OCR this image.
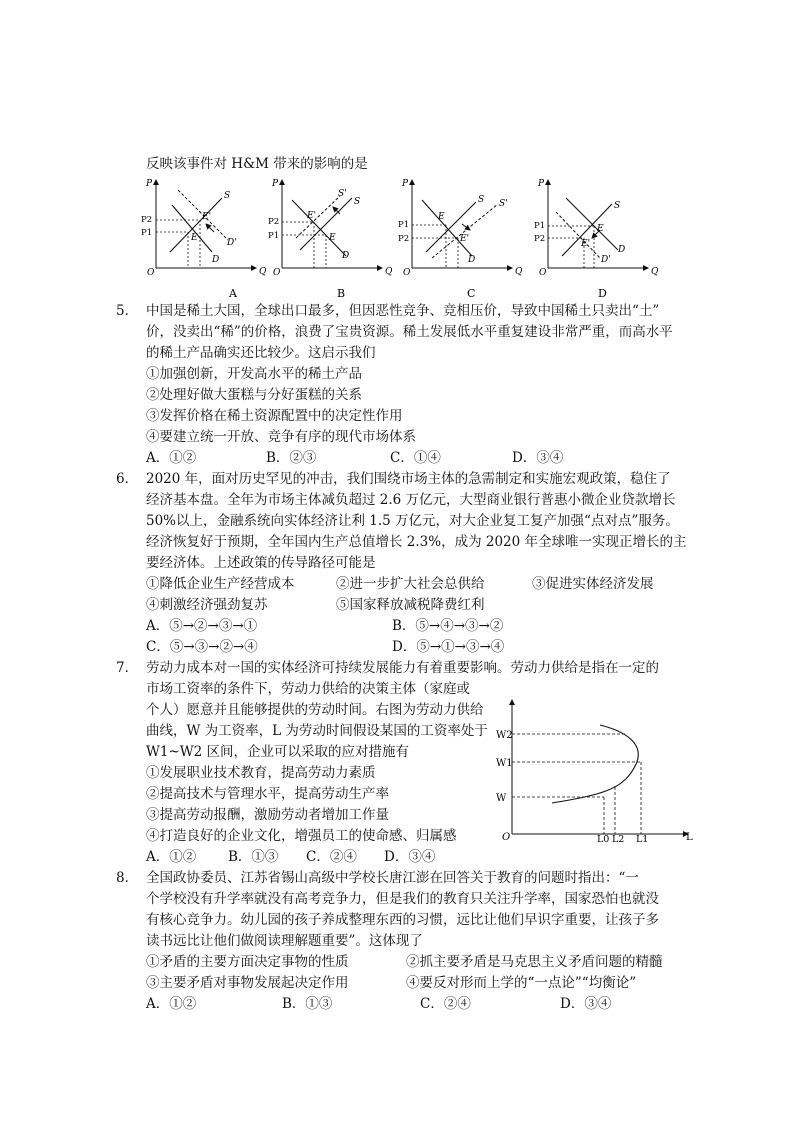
反映该事件对 H&M 带来的影响的是
P
Q
O
P2
P1
S
E'
E	D'
D
A
P
Q
O
P2
P1
S'
S
E'
E
D
B
P
Q
O
P1
P2
S S'
E
E'
D
C
P
Q
O
P1
P2
S
E
E'
D
D'
D
5． 中国是稀土大国，全球出口最多，但因恶性竞争、竞相压价，导致中国稀土只卖出“土”
价，没卖出“稀”的价格，浪费了宝贵资源。稀土发展低水平重复建设非常严重，而高水平
的稀土产品确实还比较少。这启示我们
①加强创新，开发高水平的稀土产品
②处理好做大蛋糕与分好蛋糕的关系
③发挥价格在稀土资源配置中的决定性作用
④要建立统一开放、竞争有序的现代市场体系
A．①②	B．②③	C．①④	D．③④
6． 2020 年，面对历史罕见的冲击，我们围绕市场主体的急需制定和实施宏观政策，稳住了
经济基本盘。全年为市场主体减负超过 2.6 万亿元，大型商业银行普惠小微企业贷款增长
50%以上，金融系统向实体经济让利 1.5 万亿元，对大企业复工复产加强“点对点”服务。
经济恢复好于预期，全年国内生产总值增长 2.3%，成为 2020 年全球唯一实现正增长的主
要经济体。上述政策的传导路径可能是
①降低企业生产经营成本	②进一步扩大社会总供给	③促进实体经济发展
④刺激经济强劲复苏	⑤国家释放减税降费红利
A．⑤→②→③→①	B．⑤→④→③→②
C．⑤→③→②→④	D．⑤→①→③→④
7． 劳动力成本对一国的实体经济可持续发展能力有着重要影响。劳动力供给是指在一定的
市场工资率的条件下，劳动力供给的决策主体（家庭或
个人）愿意并且能够提供的劳动时间。右图为劳动力供给
曲线，W 为工资率，L 为劳动时间假设某国的工资率处于
W1~W2 区间，企业可以采取的应对措施有
①发展职业技术教育，提高劳动力素质
②提高技术与管理水平，提高劳动生产率
③提高劳动报酬，激励劳动者增加工作量
④打造良好的企业文化，增强员工的使命感、归属感
A．①② B．①③ C．②④ D．③④
W2
W1
W
O	L0 L2 L1	L
8． 全国政协委员、江苏省锡山高级中学校长唐江澎在回答关于教育的问题时指出：“一
个学校没有升学率就没有高考竞争力，但是我们的教育只关注升学率，国家恐怕也就没
有核心竞争力。幼儿园的孩子养成整理东西的习惯，远比让他们早识字重要，让孩子多
读书远比让他们做阅读理解题重要”。这体现了
①矛盾的主要方面决定事物的性质	②抓主要矛盾是马克思主义矛盾问题的精髓
③主要矛盾对事物发展起决定作用	④要反对形而上学的“一点论”“均衡论”
A．①②	B．①③	C．②④	D．③④
